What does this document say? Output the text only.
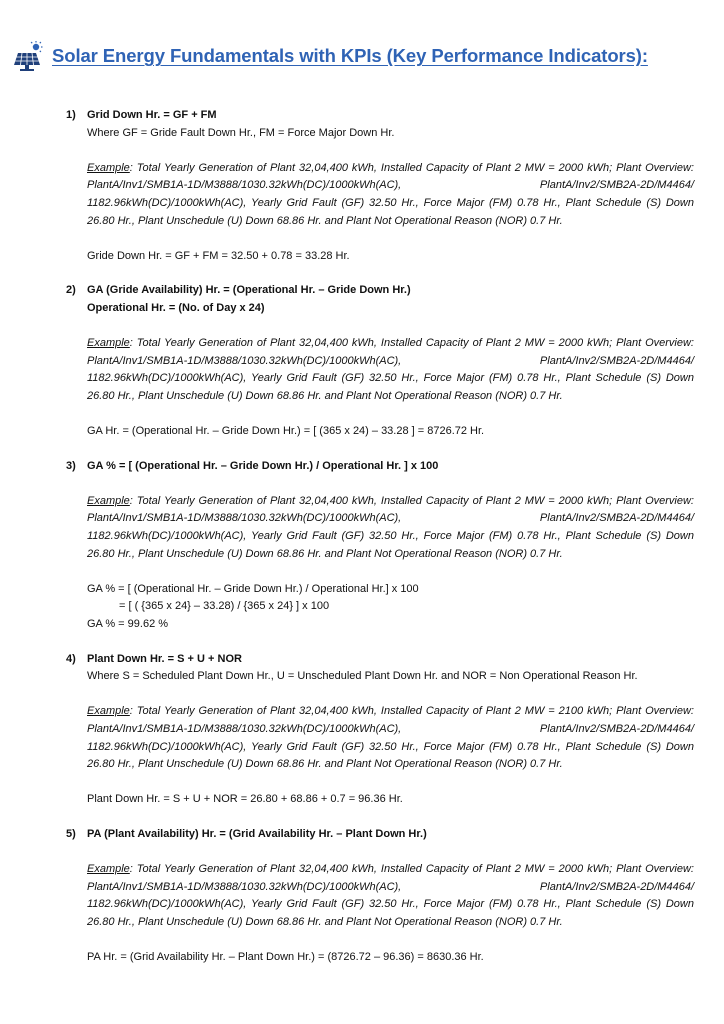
Solar Energy Fundamentals with KPIs (Key Performance Indicators):
1) Grid Down Hr. = GF + FM
Where GF = Gride Fault Down Hr., FM = Force Major Down Hr.
Example: Total Yearly Generation of Plant 32,04,400 kWh, Installed Capacity of Plant 2 MW = 2000 kWh; Plant Overview: PlantA/Inv1/SMB1A-1D/M3888/1030.32kWh(DC)/1000kWh(AC), PlantA/Inv2/SMB2A-2D/M4464/ 1182.96kWh(DC)/1000kWh(AC), Yearly Grid Fault (GF) 32.50 Hr., Force Major (FM) 0.78 Hr., Plant Schedule (S) Down 26.80 Hr., Plant Unschedule (U) Down 68.86 Hr. and Plant Not Operational Reason (NOR) 0.7 Hr.
Gride Down Hr. = GF + FM = 32.50 + 0.78 = 33.28 Hr.
2) GA (Gride Availability) Hr. = (Operational Hr. – Gride Down Hr.)
Operational Hr. = (No. of Day x 24)
Example: Total Yearly Generation of Plant 32,04,400 kWh, Installed Capacity of Plant 2 MW = 2000 kWh; Plant Overview: PlantA/Inv1/SMB1A-1D/M3888/1030.32kWh(DC)/1000kWh(AC), PlantA/Inv2/SMB2A-2D/M4464/ 1182.96kWh(DC)/1000kWh(AC), Yearly Grid Fault (GF) 32.50 Hr., Force Major (FM) 0.78 Hr., Plant Schedule (S) Down 26.80 Hr., Plant Unschedule (U) Down 68.86 Hr. and Plant Not Operational Reason (NOR) 0.7 Hr.
GA Hr. = (Operational Hr. – Gride Down Hr.) = [ (365 x 24) – 33.28 ] = 8726.72 Hr.
3) GA % = [ (Operational Hr. – Gride Down Hr.) / Operational Hr. ] x 100
Example: Total Yearly Generation of Plant 32,04,400 kWh, Installed Capacity of Plant 2 MW = 2000 kWh; Plant Overview: PlantA/Inv1/SMB1A-1D/M3888/1030.32kWh(DC)/1000kWh(AC), PlantA/Inv2/SMB2A-2D/M4464/ 1182.96kWh(DC)/1000kWh(AC), Yearly Grid Fault (GF) 32.50 Hr., Force Major (FM) 0.78 Hr., Plant Schedule (S) Down 26.80 Hr., Plant Unschedule (U) Down 68.86 Hr. and Plant Not Operational Reason (NOR) 0.7 Hr.
GA % = [ (Operational Hr. – Gride Down Hr.) / Operational Hr.] x 100
= [ ( {365 x 24} – 33.28) / {365 x 24} ] x 100
GA % = 99.62 %
4) Plant Down Hr. = S + U + NOR
Where S = Scheduled Plant Down Hr., U = Unscheduled Plant Down Hr. and NOR = Non Operational Reason Hr.
Example: Total Yearly Generation of Plant 32,04,400 kWh, Installed Capacity of Plant 2 MW = 2100 kWh; Plant Overview: PlantA/Inv1/SMB1A-1D/M3888/1030.32kWh(DC)/1000kWh(AC), PlantA/Inv2/SMB2A-2D/M4464/ 1182.96kWh(DC)/1000kWh(AC), Yearly Grid Fault (GF) 32.50 Hr., Force Major (FM) 0.78 Hr., Plant Schedule (S) Down 26.80 Hr., Plant Unschedule (U) Down 68.86 Hr. and Plant Not Operational Reason (NOR) 0.7 Hr.
Plant Down Hr. = S + U + NOR = 26.80 + 68.86 + 0.7 = 96.36 Hr.
5) PA (Plant Availability) Hr. = (Grid Availability Hr. – Plant Down Hr.)
Example: Total Yearly Generation of Plant 32,04,400 kWh, Installed Capacity of Plant 2 MW = 2000 kWh; Plant Overview: PlantA/Inv1/SMB1A-1D/M3888/1030.32kWh(DC)/1000kWh(AC), PlantA/Inv2/SMB2A-2D/M4464/ 1182.96kWh(DC)/1000kWh(AC), Yearly Grid Fault (GF) 32.50 Hr., Force Major (FM) 0.78 Hr., Plant Schedule (S) Down 26.80 Hr., Plant Unschedule (U) Down 68.86 Hr. and Plant Not Operational Reason (NOR) 0.7 Hr.
PA Hr. = (Grid Availability Hr. – Plant Down Hr.) = (8726.72 – 96.36) = 8630.36 Hr.
